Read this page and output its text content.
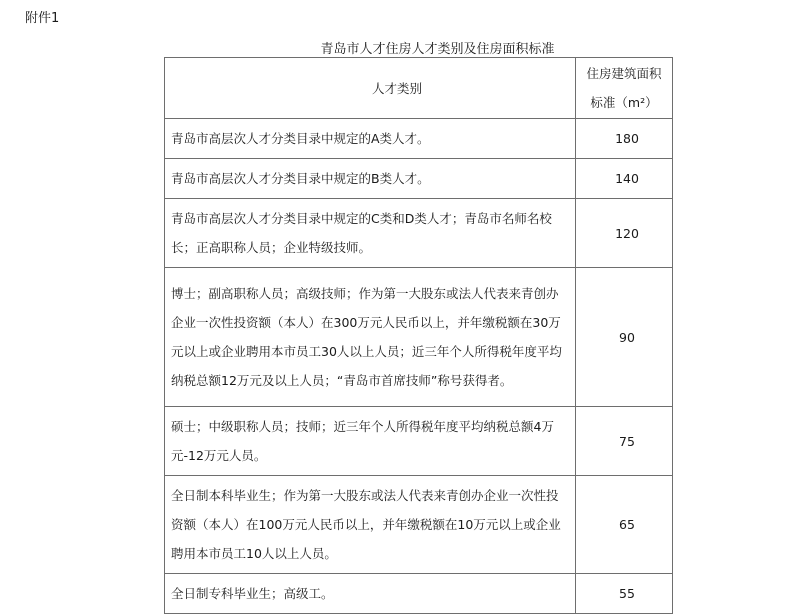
附件1
青岛市人才住房人才类别及住房面积标准
人才类别	住房建筑面积
标准（m²）

青岛市高层次人才分类目录中规定的A类人才。	180
青岛市高层次人才分类目录中规定的B类人才。	140
青岛市高层次人才分类目录中规定的C类和D类人才；青岛市名师名校长；正高职称人员；企业特级技师。	120
博士；副高职称人员；高级技师；作为第一大股东或法人代表来青创办企业一次性投资额（本人）在300万元人民币以上，并年缴税额在30万元以上或企业聘用本市员工30人以上人员；近三年个人所得税年度平均纳税总额12万元及以上人员；“青岛市首席技师”称号获得者。	90
硕士；中级职称人员；技师；近三年个人所得税年度平均纳税总额4万元-12万元人员。	75
全日制本科毕业生；作为第一大股东或法人代表来青创办企业一次性投资额（本人）在100万元人民币以上，并年缴税额在10万元以上或企业聘用本市员工10人以上人员。	65
全日制专科毕业生；高级工。	55
